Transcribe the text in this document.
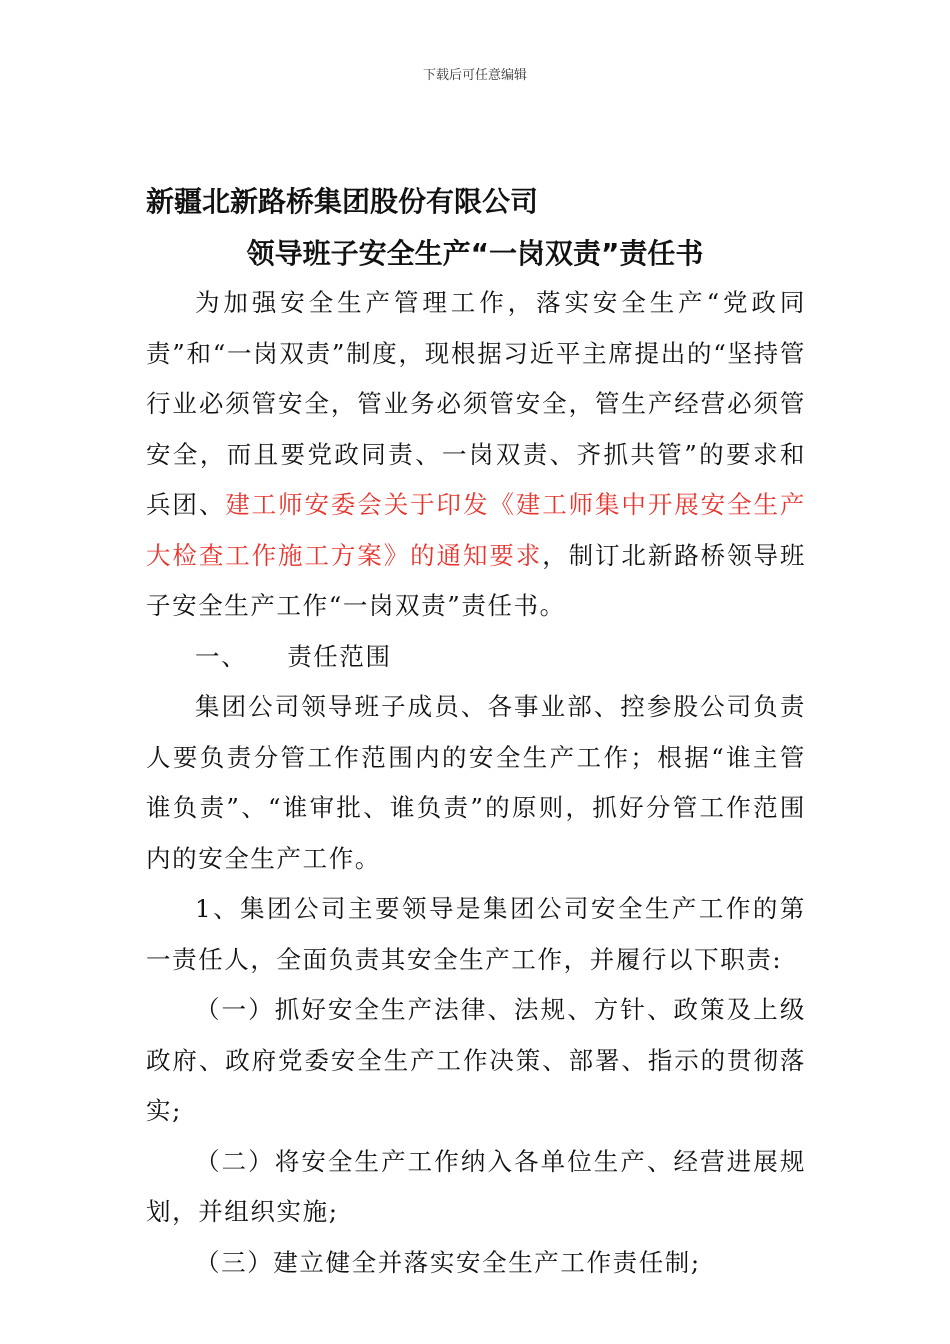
下载后可任意编辑
新疆北新路桥集团股份有限公司
领导班子安全生产“一岗双责”责任书

为加强安全生产管理工作，落实安全生产“党政同责”和“一岗双责”制度，现根据习近平主席提出的“坚持管行业必须管安全，管业务必须管安全，管生产经营必须管安全，而且要党政同责、一岗双责、齐抓共管”的要求和兵团、建工师安委会关于印发《建工师集中开展安全生产大检查工作施工方案》的通知要求，制订北新路桥领导班子安全生产工作“一岗双责”责任书。

一、 责任范围

集团公司领导班子成员、各事业部、控参股公司负责人要负责分管工作范围内的安全生产工作；根据“谁主管谁负责”、“谁审批、谁负责”的原则，抓好分管工作范围内的安全生产工作。

1、集团公司主要领导是集团公司安全生产工作的第一责任人，全面负责其安全生产工作，并履行以下职责:

（一）抓好安全生产法律、法规、方针、政策及上级政府、政府党委安全生产工作决策、部署、指示的贯彻落实;

（二）将安全生产工作纳入各单位生产、经营进展规划，并组织实施;

（三）建立健全并落实安全生产工作责任制;
